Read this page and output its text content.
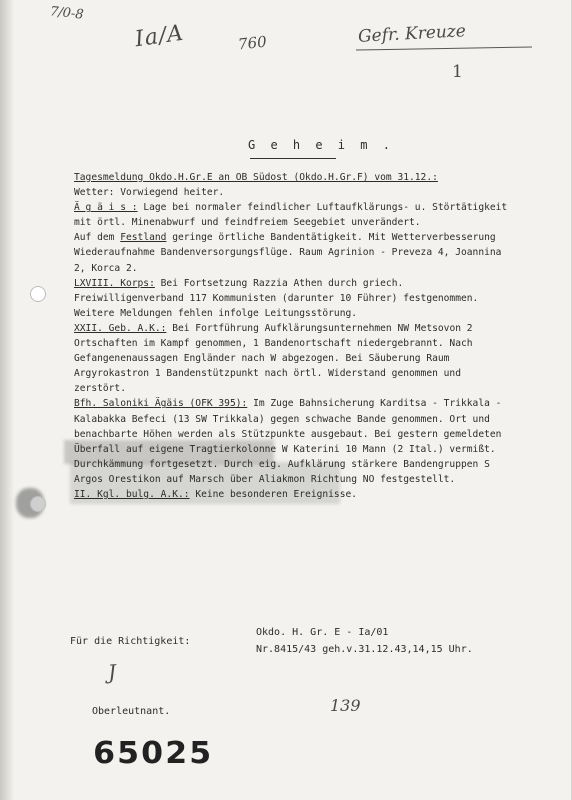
7/0-8
Ia/A	760	Gefr. Kreuze
1
G e h e i m .

Tagesmeldung Okdo.H.Gr.E an OB Südost (Okdo.H.Gr.F) vom 31.12.:

Wetter: Vorwiegend heiter.

Ä g ä i s : Lage bei normaler feindlicher Luftaufklärungs- u. Störtätigkeit mit örtl. Minenabwurf und feindfreiem Seegebiet unverändert.

Auf dem Festland geringe örtliche Bandentätigkeit. Mit Wetterverbesserung Wiederaufnahme Bandenversorgungsflüge. Raum Agrinion - Preveza 4, Joannina 2, Korca 2.

LXVIII. Korps: Bei Fortsetzung Razzia Athen durch griech. Freiwilligenverband 117 Kommunisten (darunter 10 Führer) festgenommen. Weitere Meldungen fehlen infolge Leitungsstörung.

XXII. Geb. A.K.: Bei Fortführung Aufklärungsunternehmen NW Metsovon 2 Ortschaften im Kampf genommen, 1 Bandenortschaft niedergebrannt. Nach Gefangenenaussagen Engländer nach W abgezogen. Bei Säuberung Raum Argyrokastron 1 Bandenstützpunkt nach örtl. Widerstand genommen und zerstört.

Bfh. Saloniki Ägäis (OFK 395): Im Zuge Bahnsicherung Karditsa - Trikkala - Kalabakka Befeci (13 SW Trikkala) gegen schwache Bande genommen. Ort und benachbarte Höhen werden als Stützpunkte ausgebaut. Bei gestern gemeldeten Überfall auf eigene Tragtierkolonne W Katerini 10 Mann (2 Ital.) vermißt. Durchkämmung fortgesetzt. Durch eig. Aufklärung stärkere Bandengruppen S Argos Orestikon auf Marsch über Aliakmon Richtung NO festgestellt.

II. Kgl. bulg. A.K.: Keine besonderen Ereignisse.

Für die Richtigkeit:
Okdo. H. Gr. E - Ia/01
Nr.8415/43 geh.v.31.12.43,14,15 Uhr.
J
139
Oberleutnant.
65025
